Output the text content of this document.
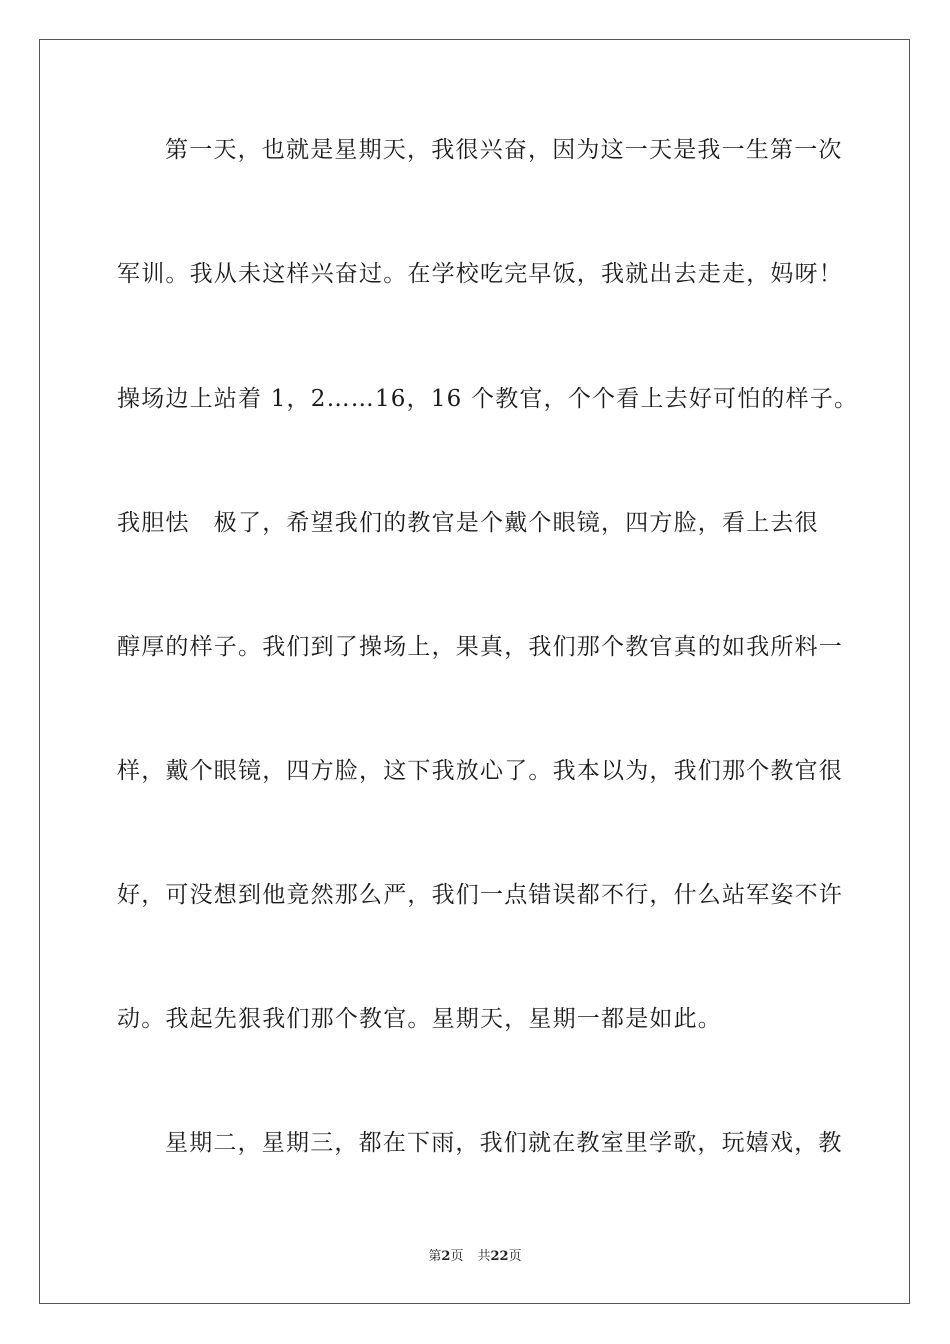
第一天，也就是星期天，我很兴奋，因为这一天是我一生第一次
军训。我从未这样兴奋过。在学校吃完早饭，我就出去走走，妈呀！
操场边上站着 1，2……16，16 个教官，个个看上去好可怕的样子。
我胆怯　极了，希望我们的教官是个戴个眼镜，四方脸，看上去很
醇厚的样子。我们到了操场上，果真，我们那个教官真的如我所料一
样，戴个眼镜，四方脸，这下我放心了。我本以为，我们那个教官很
好，可没想到他竟然那么严，我们一点错误都不行，什么站军姿不许
动。我起先狠我们那个教官。星期天，星期一都是如此。
星期二，星期三，都在下雨，我们就在教室里学歌，玩嬉戏，教
第2页 共22页
